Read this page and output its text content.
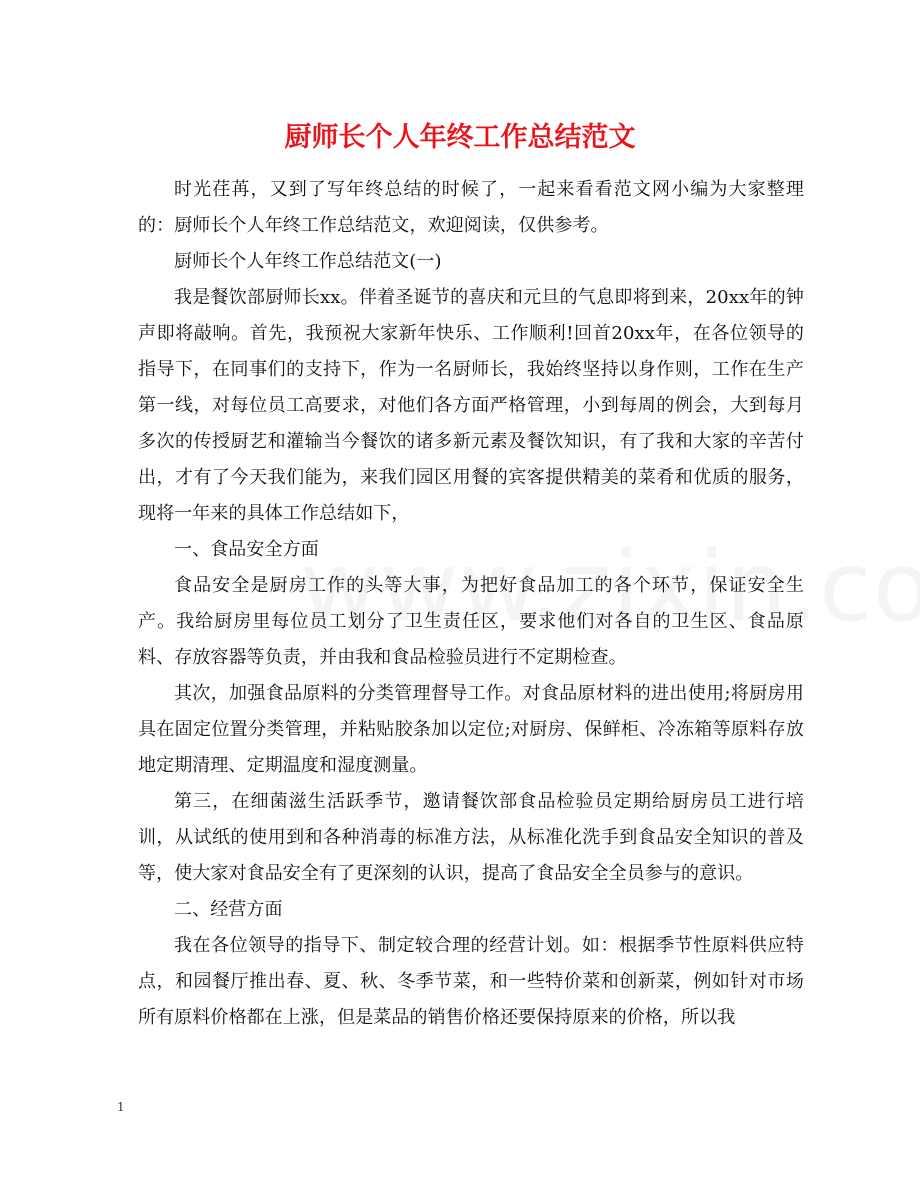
厨师长个人年终工作总结范文

时光荏苒，又到了写年终总结的时候了，一起来看看范文网小编为大家整理的：厨师长个人年终工作总结范文，欢迎阅读，仅供参考。

厨师长个人年终工作总结范文(一)

我是餐饮部厨师长xx。伴着圣诞节的喜庆和元旦的气息即将到来，20xx年的钟声即将敲响。首先，我预祝大家新年快乐、工作顺利!回首20xx年，在各位领导的指导下，在同事们的支持下，作为一名厨师长，我始终坚持以身作则，工作在生产第一线，对每位员工高要求，对他们各方面严格管理，小到每周的例会，大到每月多次的传授厨艺和灌输当今餐饮的诸多新元素及餐饮知识，有了我和大家的辛苦付出，才有了今天我们能为，来我们园区用餐的宾客提供精美的菜肴和优质的服务，现将一年来的具体工作总结如下，

一、食品安全方面

食品安全是厨房工作的头等大事，为把好食品加工的各个环节，保证安全生产。我给厨房里每位员工划分了卫生责任区，要求他们对各自的卫生区、食品原料、存放容器等负责，并由我和食品检验员进行不定期检查。

其次，加强食品原料的分类管理督导工作。对食品原材料的进出使用;将厨房用具在固定位置分类管理，并粘贴胶条加以定位;对厨房、保鲜柜、冷冻箱等原料存放地定期清理、定期温度和湿度测量。

第三，在细菌滋生活跃季节，邀请餐饮部食品检验员定期给厨房员工进行培训，从试纸的使用到和各种消毒的标准方法，从标准化洗手到食品安全知识的普及等，使大家对食品安全有了更深刻的认识，提高了食品安全全员参与的意识。

二、经营方面

我在各位领导的指导下、制定较合理的经营计划。如：根据季节性原料供应特点，和园餐厅推出春、夏、秋、冬季节菜，和一些特价菜和创新菜，例如针对市场所有原料价格都在上涨，但是菜品的销售价格还要保持原来的价格，所以我

1
